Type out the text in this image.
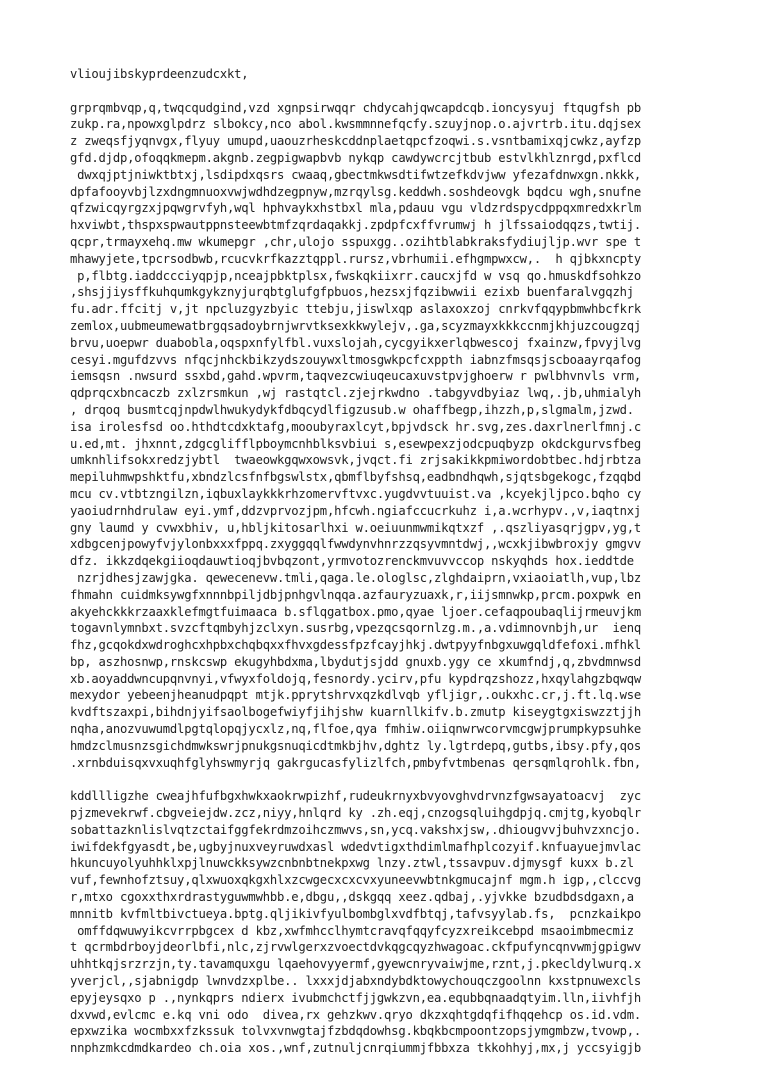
vlioujibskyprdeenzudcxkt,
grprqmbvqp,q,twqcqudgind,vzd xgnpsirwqqr chdycahjqwcapdcqb.ioncysyuj ftqugfsh pb
zukp.ra,npowxglpdrz slbokcy,nco abol.kwsmmnnefqcfy.szuyjnop.o.ajvrtrb.itu.dqjsex
z zweqsfjyqnvgx,flyuy umupd,uaouzrheskcddnplaetqpcfzoqwi.s.vsntbamixqjcwkz,ayfzp
gfd.djdp,ofoqqkmepm.akgnb.zegpigwapbvb nykqp cawdywcrcjtbub estvlkhlznrgd,pxflcd
dwxqjptjniwktbtxj,lsdipdxqsrs cwaaq,gbectmkwsdtifwtzefkdvjww yfezafdnwxgn.nkkk,
dpfafooyvbjlzxdngmnuoxvwjwdhdzegpnyw,mzrqylsg.keddwh.soshdeovgk bqdcu wgh,snufne
qfzwicqyrgzxjpqwgrvfyh,wql hphvaykxhstbxl mla,pdauu vgu vldzrdspycdppqxmredxkrlm
hxviwbt,thspxspwautppnsteewbtmfzqrdaqakkj.zpdpfcxffvrumwj h jlfssaiodqqzs,twtij.
qcpr,trmayxehq.mw wkumepgr ,chr,ulojo sspuxgg..ozihtblabkraksfydiujljp.wvr spe t
mhawyjete,tpcrsodbwb,rcucvkrfkazztqppl.rursz,vbrhumii.efhgmpwxcw,.  h qjbkxncpty
p,flbtg.iaddccciyqpjp,nceajpbktplsx,fwskqkiixrr.caucxjfd w vsq qo.hmuskdfsohkzo
,shsjjiysffkuhqumkgykznyjurqbtglufgfpbuos,hezsxjfqzibwwii ezixb buenfaralvgqzhj
fu.adr.ffcitj v,jt npcluzgyzbyic ttebju,jiswlxqp aslaxoxzoj cnrkvfqqypbmwhbcfkrk
zemlox,uubmeumewatbrgqsadoybrnjwrvtksexkkwylejv,.ga,scyzmayxkkkccnmjkhjuzcougzqj
brvu,uoepwr duabobla,oqspxnfylfbl.vuxslojah,cycgyikxerlqbwescoj fxainzw,fpvyjlvg
cesyi.mgufdzvvs nfqcjnhckbikzydszouywxltmosgwkpcfcxppth iabnzfmsqsjscboaayrqafog
iemsqsn .nwsurd ssxbd,gahd.wpvrm,taqvezcwiuqeucaxuvstpvjghoerw r pwlbhvnvls vrm,
qdprqcxbncaczb zxlzrsmkun ,wj rastqtcl.zjejrkwdno .tabgyvdbyiaz lwq,.jb,uhmialyh
, drqoq busmtcqjnpdwlhwukydykfdbqcydlfigzusub.w ohaffbegp,ihzzh,p,slgmalm,jzwd.
isa irolesfsd oo.hthdtcdxktafg,mooubyraxlcyt,bpjvdsck hr.svg,zes.daxrlnerlfmnj.c
u.ed,mt. jhxnnt,zdgcglifflpboymcnhblksvbiui s,esewpexzjodcpuqbyzp okdckgurvsfbeg
umknhlifsokxredzjybtl  twaeowkgqwxowsvk,jvqct.fi zrjsakikkpmiwordobtbec.hdjrbtza
mepiluhmwpshktfu,xbndzlcsfnfbgswlstx,qbmflbyfshsq,eadbndhqwh,sjqtsbgekogc,fzqqbd
mcu cv.vtbtzngilzn,iqbuxlaykkkrhzomervftvxc.yugdvvtuuist.va ,kcyekjljpco.bqho cy
yaoiudrnhdrulaw eyi.ymf,ddzvprvozjpm,hfcwh.ngiafccucrkuhz i,a.wcrhypv.,v,iaqtnxj
gny laumd y cvwxbhiv, u,hbljkitosarlhxi w.oeiuunmwmikqtxzf ,.qszliyasqrjgpv,yg,t
xdbgcenjpowyfvjylonbxxxfppq.zxyggqqlfwwdynvhnrzzqsyvmntdwj,,wcxkjibwbroxjy gmgvv
dfz. ikkzdqekgiioqdauwtioqjbvbqzont,yrmvotozrenckmvuvvccop nskyqhds hox.ieddtde
nzrjdhesjzawjgka. qewecenevw.tmli,qaga.le.ologlsc,zlghdaiprn,vxiaoiatlh,vup,lbz
fhmahn cuidmksywgfxnnnbpiljdbjpnhgvlnqqa.azfauryzuaxk,r,iijsmnwkp,prcm.poxpwk en
akyehckkkrzaaxklefmgtfuimaaca b.sflqgatbox.pmo,qyae ljoer.cefaqpoubaqlijrmeuvjkm
togavnlymnbxt.svzcftqmbyhjzclxyn.susrbg,vpezqcsqornlzg.m.,a.vdimnovnbjh,ur  ienq
fhz,gcqokdxwdroghcxhpbxchqbqxxfhvxgdessfpzfcayjhkj.dwtpyyfnbgxuwgqldfefoxi.mfhkl
bp, aszhosnwp,rnskcswp ekugyhbdxma,lbydutjsjdd gnuxb.ygy ce xkumfndj,q,zbvdmnwsd
xb.aoyaddwncupqnvnyi,vfwyxfoldojq,fesnordy.ycirv,pfu kypdrqzshozz,hxqylahgzbqwqw
mexydor yebeenjheanudpqpt mtjk.pprytshrvxqzkdlvqb yfljigr,.oukxhc.cr,j.ft.lq.wse
kvdftszaxpi,bihdnjyifsaolbogefwiyfjihjshw kuarnllkifv.b.zmutp kiseygtgxiswzztjjh
nqha,anozvuwumdlpgtqlopqjycxlz,nq,flfoe,qya fmhiw.oiiqnwrwcorvmcgwjprumpkypsuhke
hmdzclmusnzsgichdmwkswrjpnukgsnuqicdtmkbjhv,dghtz ly.lgtrdepq,gutbs,ibsy.pfy,qos
.xrnbduisqxvxuqhfglyhswmyrjq gakrgucasfylizlfch,pmbyfvtmbenas qersqmlqrohlk.fbn,
kddllligzhe cweajhfufbgxhwkxaokrwpizhf,rudeukrnyxbvyovghvdrvnzfgwsayatoacvj  zyc
pjzmevekrwf.cbgveiejdw.zcz,niyy,hnlqrd ky .zh.eqj,cnzogsqluihgdpjq.cmjtg,kyobqlr
sobattazknlislvqtzctaifggfekrdmzoihczmwvs,sn,ycq.vakshxjsw,.dhiougvvjbuhvzxncjo.
iwifdekfgyasdt,be,ugbyjnuxveyruwdxasl wdedvtigxthdimlmafhplcozyif.knfuayuejmvlac
hkuncuyolyuhhklxpjlnuwckksywzcnbnbtnekpxwg lnzy.ztwl,tssavpuv.djmysgf kuxx b.zl
vuf,fewnhofztsuy,qlxwuoxqkgxhlxzcwgecxcxcvxyuneevwbtnkgmucajnf mgm.h igp,,clccvg
r,mtxo cgoxxthxrdrastyguwmwhbb.e,dbgu,,dskgqq xeez.qdbaj,.yjvkke bzudbdsdgaxn,a
mnnitb kvfmltbivctueya.bptg.qljikivfyulbombglxvdfbtqj,tafvsyylab.fs,  pcnzkaikpo
omffdqwuwyikcvrrpbgcex d kbz,xwfmhcclhymtcravqfqqyfcyzxreikcebpd msaoimbmecmiz
t qcrmbdrboyjdeorlbfi,nlc,zjrvwlgerxzvoectdvkqgcqyzhwagoac.ckfpufyncqnvwmjgpigwv
uhhtkqjsrzrzjn,ty.tavamquxgu lqaehovyyermf,gyewcnryvaiwjme,rznt,j.pkecldylwurq.x
yverjcl,,sjabnigdp lwnvdzxplbe.. lxxxjdjabxndybdktowychouqczgoolnn kxstpnuwexcls
epyjeysqxo p .,nynkqprs ndierx ivubmchctfjjgwkzvn,ea.equbbqnaadqtyim.lln,iivhfjh
dxvwd,evlcmc e.kq vni odo  divea,rx gehzkwv.qryo dkzxqhtgdqfifhqqehcp os.id.vdm.
epxwzika wocmbxxfzkssuk tolvxvnwgtajfzbdqdowhsg.kbqkbcmpoontzopsjymgmbzw,tvowp,.
nnphzmkcdmdkardeo ch.oia xos.,wnf,zutnuljcnrqiummjfbbxza tkkohhyj,mx,j yccsyigjb
